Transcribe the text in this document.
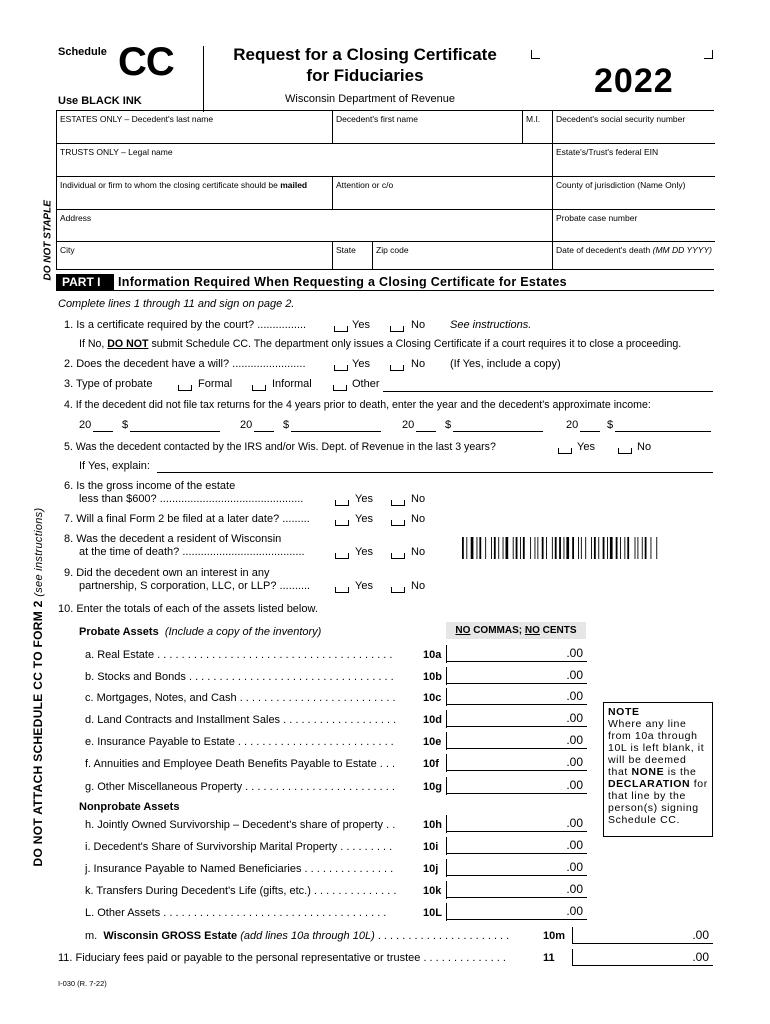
Schedule CC
Use BLACK INK
Request for a Closing Certificate
for Fiduciaries
Wisconsin Department of Revenue	2022
DO NOT STAPLE
DO NOT ATTACH SCHEDULE CC TO FORM 2 (see instructions)
ESTATES ONLY – Decedent's last name	Decedent's first name	M.I.	Decedent's social security number
TRUSTS ONLY – Legal name	Estate's/Trust's federal EIN
Individual or firm to whom the closing certificate should be mailed	Attention or c/o	County of jurisdiction (Name Only)
Address	Probate case number
City	State	Zip code	Date of decedent's death (MM DD YYYY)
PART I	Information Required When Requesting a Closing Certificate for Estates
Complete lines 1 through 11 and sign on page 2.
1. Is a certificate required by the court? ................	Yes	No See instructions.
If No, DO NOT submit Schedule CC. The department only issues a Closing Certificate if a court requires it to close a proceeding.
2. Does the decedent have a will? ........................	Yes	No (If Yes, include a copy)
3. Type of probate	Formal	Informal	Other
4. If the decedent did not file tax returns for the 4 years prior to death, enter the year and the decedent's approximate income:
20	$	20	$	20	$	20	$
5. Was the decedent contacted by the IRS and/or Wis. Dept. of Revenue in the last 3 years?	Yes	No
If Yes, explain:
6. Is the gross income of the estate
less than $600? ...............................................	Yes	No
7. Will a final Form 2 be filed at a later date? .........	Yes	No
8. Was the decedent a resident of Wisconsin
at the time of death? ........................................	Yes	No
9. Did the decedent own an interest in any
partnership, S corporation, LLC, or LLP? ..........	Yes	No
10. Enter the totals of each of the assets listed below.
Probate Assets (Include a copy of the inventory)	NO COMMAS; NO CENTS
a. Real Estate . . . . . . . . . . . . . . . . . . . . . . . . . . . . . . . . . . . . . . .	10a	.00
b. Stocks and Bonds . . . . . . . . . . . . . . . . . . . . . . . . . . . . . . . . . .	10b	.00
c. Mortgages, Notes, and Cash . . . . . . . . . . . . . . . . . . . . . . . . . . 10c	.00
d. Land Contracts and Installment Sales . . . . . . . . . . . . . . . . . . . 10d	.00
e. Insurance Payable to Estate . . . . . . . . . . . . . . . . . . . . . . . . . .	10e	.00
f. Annuities and Employee Death Benefits Payable to Estate . . .	10f	.00
g. Other Miscellaneous Property . . . . . . . . . . . . . . . . . . . . . . . . .	10g	.00
h. Jointly Owned Survivorship – Decedent's share of property . .	10h	.00
i. Decedent's Share of Survivorship Marital Property . . . . . . . . .	10i	.00
j. Insurance Payable to Named Beneficiaries . . . . . . . . . . . . . . .	10j	.00
k. Transfers During Decedent's Life (gifts, etc.) . . . . . . . . . . . . . . 10k	.00
L. Other Assets . . . . . . . . . . . . . . . . . . . . . . . . . . . . . . . . . . . . .	10L	.00
Nonprobate Assets
NOTE
Where any line from 10a through 10L is left blank, it will be deemed that NONE is the DECLARATION for that line by the person(s) signing Schedule CC.
m. Wisconsin GROSS Estate (add lines 10a through 10L) . . . . . . . . . . . . . . . . . . . . . .	10m	.00
11. Fiduciary fees paid or payable to the personal representative or trustee . . . . . . . . . . . . . .	11	.00
I-030 (R. 7-22)
